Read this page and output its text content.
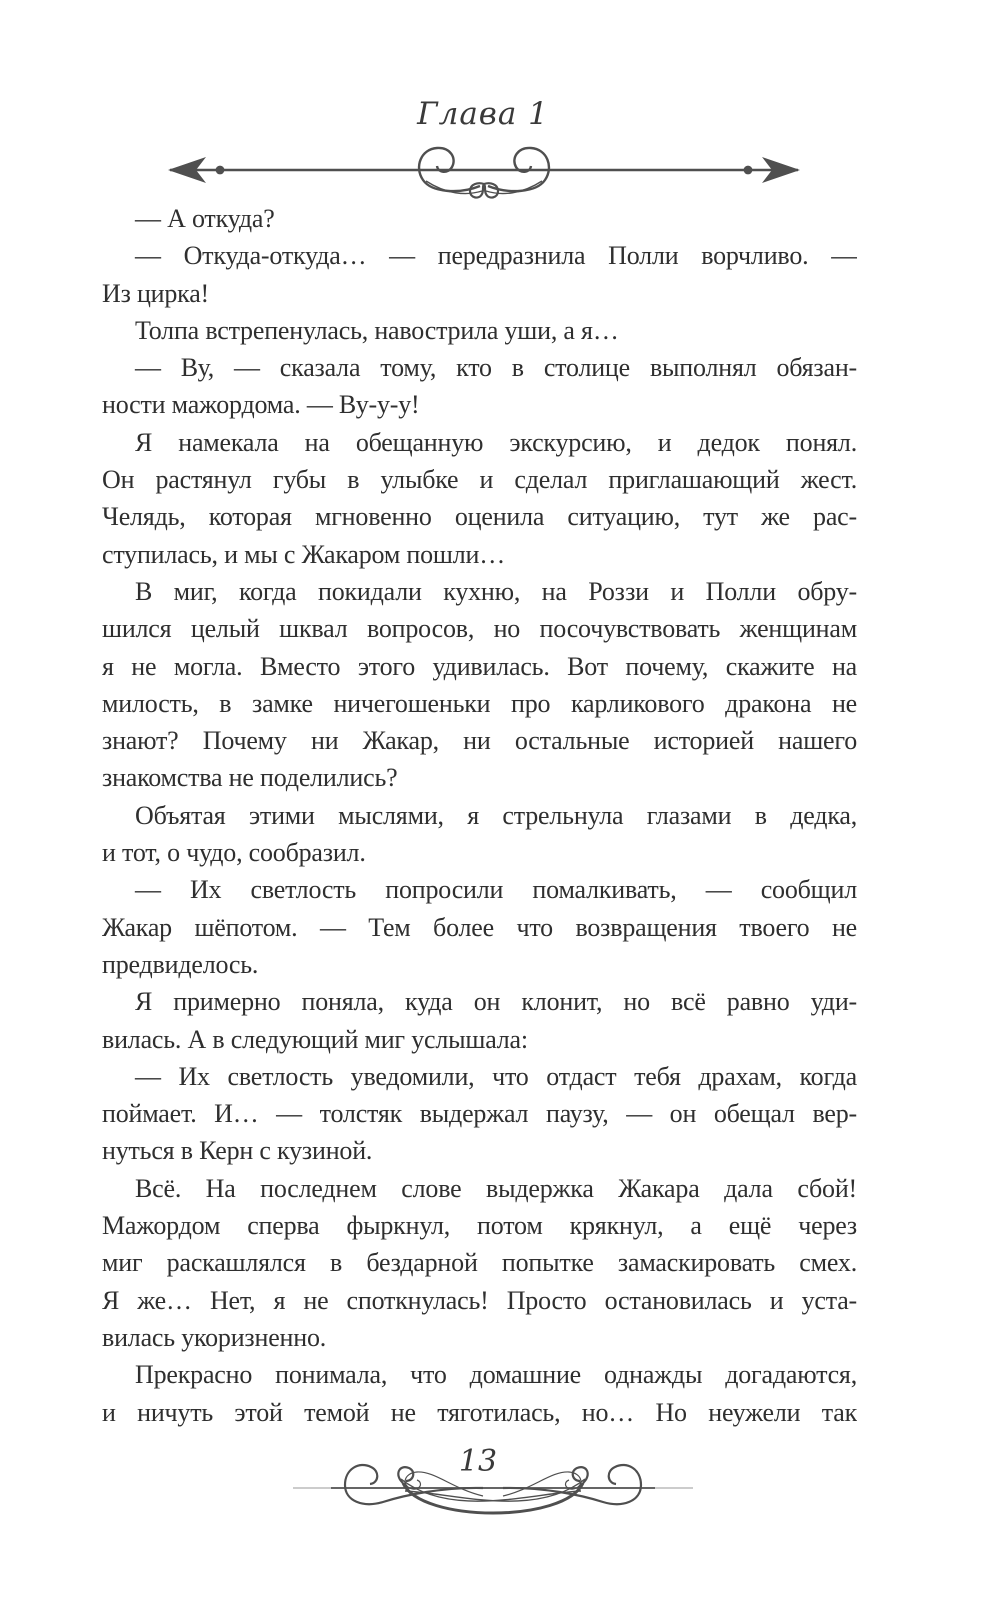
Глава 1
— А откуда?
— Откуда-откуда… — передразнила Полли ворчливо. —
Из цирка!
Толпа встрепенулась, навострила уши, а я…
— Ву, — сказала тому, кто в столице выполнял обязан-
ности мажордома. — Ву-у-у!
Я намекала на обещанную экскурсию, и дедок понял.
Он растянул губы в улыбке и сделал приглашающий жест.
Челядь, которая мгновенно оценила ситуацию, тут же рас-
ступилась, и мы с Жакаром пошли…
В миг, когда покидали кухню, на Роззи и Полли обру-
шился целый шквал вопросов, но посочувствовать женщинам
я не могла. Вместо этого удивилась. Вот почему, скажите на
милость, в замке ничегошеньки про карликового дракона не
знают? Почему ни Жакар, ни остальные историей нашего
знакомства не поделились?
Объятая этими мыслями, я стрельнула глазами в дедка,
и тот, о чудо, сообразил.
— Их светлость попросили помалкивать, — сообщил
Жакар шёпотом. — Тем более что возвращения твоего не
предвиделось.
Я примерно поняла, куда он клонит, но всё равно уди-
вилась. А в следующий миг услышала:
— Их светлость уведомили, что отдаст тебя драхам, когда
поймает. И… — толстяк выдержал паузу, — он обещал вер-
нуться в Керн с кузиной.
Всё. На последнем слове выдержка Жакара дала сбой!
Мажордом сперва фыркнул, потом крякнул, а ещё через
миг раскашлялся в бездарной попытке замаскировать смех.
Я же… Нет, я не споткнулась! Просто остановилась и уста-
вилась укоризненно.
Прекрасно понимала, что домашние однажды догадаются,
и ничуть этой темой не тяготилась, но… Но неужели так
13
